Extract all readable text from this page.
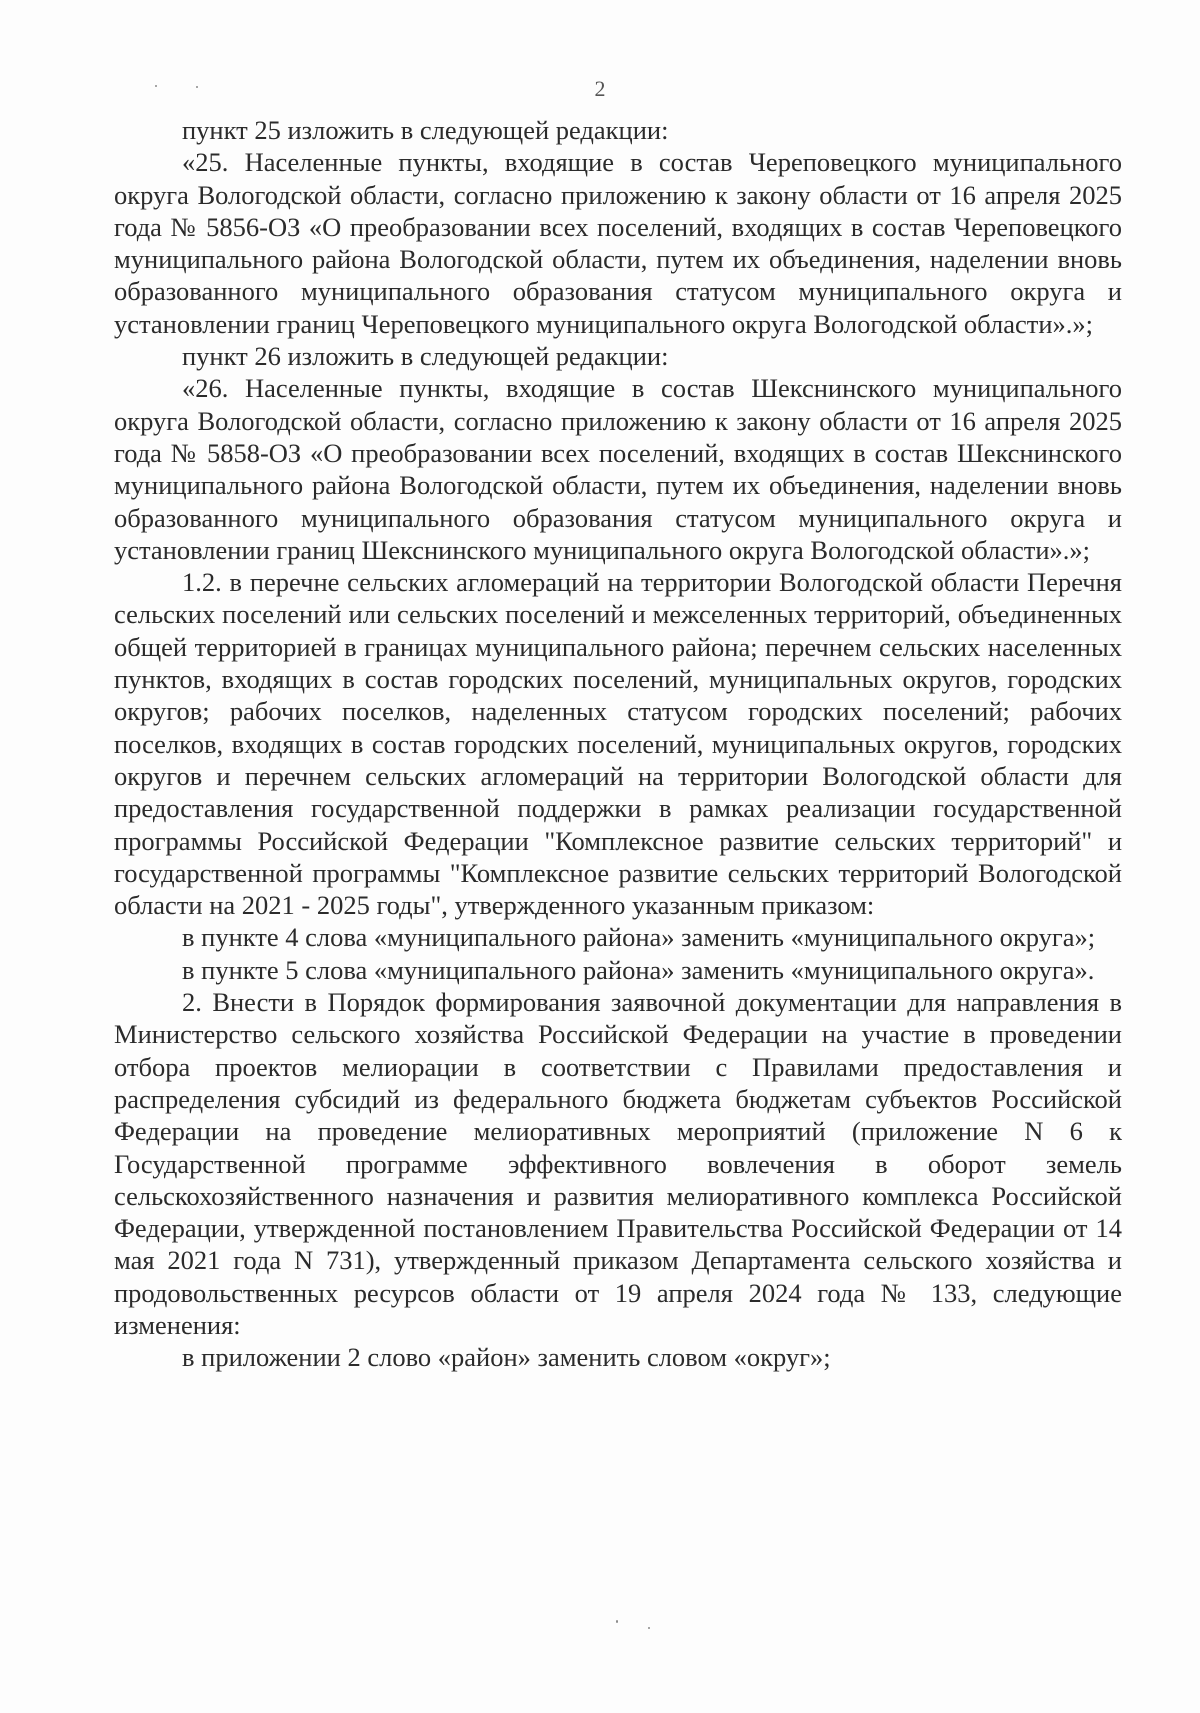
2

пункт 25 изложить в следующей редакции:

«25. Населенные пункты, входящие в состав Череповецкого муниципального округа Вологодской области, согласно приложению к закону области от 16 апреля 2025 года № 5856-ОЗ «О преобразовании всех поселений, входящих в состав Череповецкого муниципального района Вологодской области, путем их объединения, наделении вновь образованного муниципального образования статусом муниципального округа и установлении границ Череповецкого муниципального округа Вологодской области».»;

пункт 26 изложить в следующей редакции:

«26. Населенные пункты, входящие в состав Шекснинского муниципального округа Вологодской области, согласно приложению к закону области от 16 апреля 2025 года № 5858-ОЗ «О преобразовании всех поселений, входящих в состав Шекснинского муниципального района Вологодской области, путем их объединения, наделении вновь образованного муниципального образования статусом муниципального округа и установлении границ Шекснинского муниципального округа Вологодской области».»;

1.2. в перечне сельских агломераций на территории Вологодской области Перечня сельских поселений или сельских поселений и межселенных территорий, объединенных общей территорией в границах муниципального района; перечнем сельских населенных пунктов, входящих в состав городских поселений, муниципальных округов, городских округов; рабочих поселков, наделенных статусом городских поселений; рабочих поселков, входящих в состав городских поселений, муниципальных округов, городских округов и перечнем сельских агломераций на территории Вологодской области для предоставления государственной поддержки в рамках реализации государственной программы Российской Федерации "Комплексное развитие сельских территорий" и государственной программы "Комплексное развитие сельских территорий Вологодской области на 2021 - 2025 годы", утвержденного указанным приказом:

в пункте 4 слова «муниципального района» заменить «муниципального округа»;

в пункте 5 слова «муниципального района» заменить «муниципального округа».

2. Внести в Порядок формирования заявочной документации для направления в Министерство сельского хозяйства Российской Федерации на участие в проведении отбора проектов мелиорации в соответствии с Правилами предоставления и распределения субсидий из федерального бюджета бюджетам субъектов Российской Федерации на проведение мелиоративных мероприятий (приложение N 6 к Государственной программе эффективного вовлечения в оборот земель сельскохозяйственного назначения и развития мелиоративного комплекса Российской Федерации, утвержденной постановлением Правительства Российской Федерации от 14 мая 2021 года N 731), утвержденный приказом Департамента сельского хозяйства и продовольственных ресурсов области от 19 апреля 2024 года № 133, следующие изменения:

в приложении 2 слово «район» заменить словом «округ»;
